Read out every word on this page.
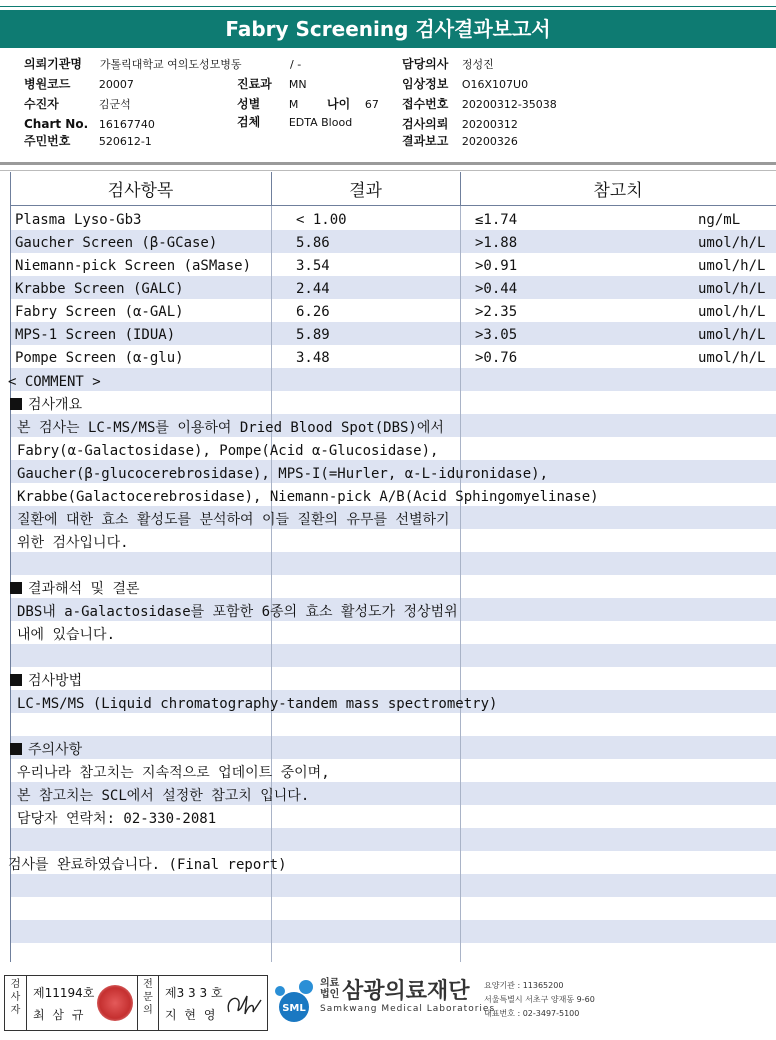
Fabry Screening 검사결과보고서
의뢰기관명 가톨릭대학교 여의도성모병동	/ -	담당의사 정성진
병원코드	20007	진료과 MN	임상정보 O16X107U0
수진자	김군석	성별	M 나이 67 접수번호 20200312-35038
Chart No. 16167740	검체	EDTA Blood	검사의뢰 20200312
주민번호	520612-1	결과보고 20200326
검사항목	결과	참고치
Plasma Lyso-Gb3	< 1.00	≤1.74	ng/mL
Gaucher Screen (β-GCase)	5.86	>1.88	umol/h/L
Niemann-pick Screen (aSMase)	3.54	>0.91	umol/h/L
Krabbe Screen (GALC)	2.44	>0.44	umol/h/L
Fabry Screen (α-GAL)	6.26	>2.35	umol/h/L
MPS-1 Screen (IDUA)	5.89	>3.05	umol/h/L
Pompe Screen (α-glu)	3.48	>0.76	umol/h/L
< COMMENT >
검사개요
본 검사는 LC-MS/MS를 이용하여 Dried Blood Spot(DBS)에서
Fabry(α-Galactosidase), Pompe(Acid α-Glucosidase),
Gaucher(β-glucocerebrosidase), MPS-I(=Hurler, α-L-iduronidase),
Krabbe(Galactocerebrosidase), Niemann-pick A/B(Acid Sphingomyelinase)
질환에 대한 효소 활성도를 분석하여 이들 질환의 유무를 선별하기
위한 검사입니다.
결과해석 및 결론
DBS내 a-Galactosidase를 포함한 6종의 효소 활성도가 정상범위
내에 있습니다.
검사방법
LC-MS/MS (Liquid chromatography-tandem mass spectrometry)
주의사항
우리나라 참고치는 지속적으로 업데이트 중이며,
본 참고치는 SCL에서 설정한 참고치 입니다.
담당자 연락처: 02-330-2081
검사를 완료하였습니다. (Final report)
검
사
자
제11194호
최 삼 규
전
문
의
제3 3 3 호
지 현 영	SML
의료법인 삼광의료재단
Samkwang Medical Laboratories
요양기관 : 11365200
서울특별시 서초구 양재동 9-60
대표번호 : 02-3497-5100
